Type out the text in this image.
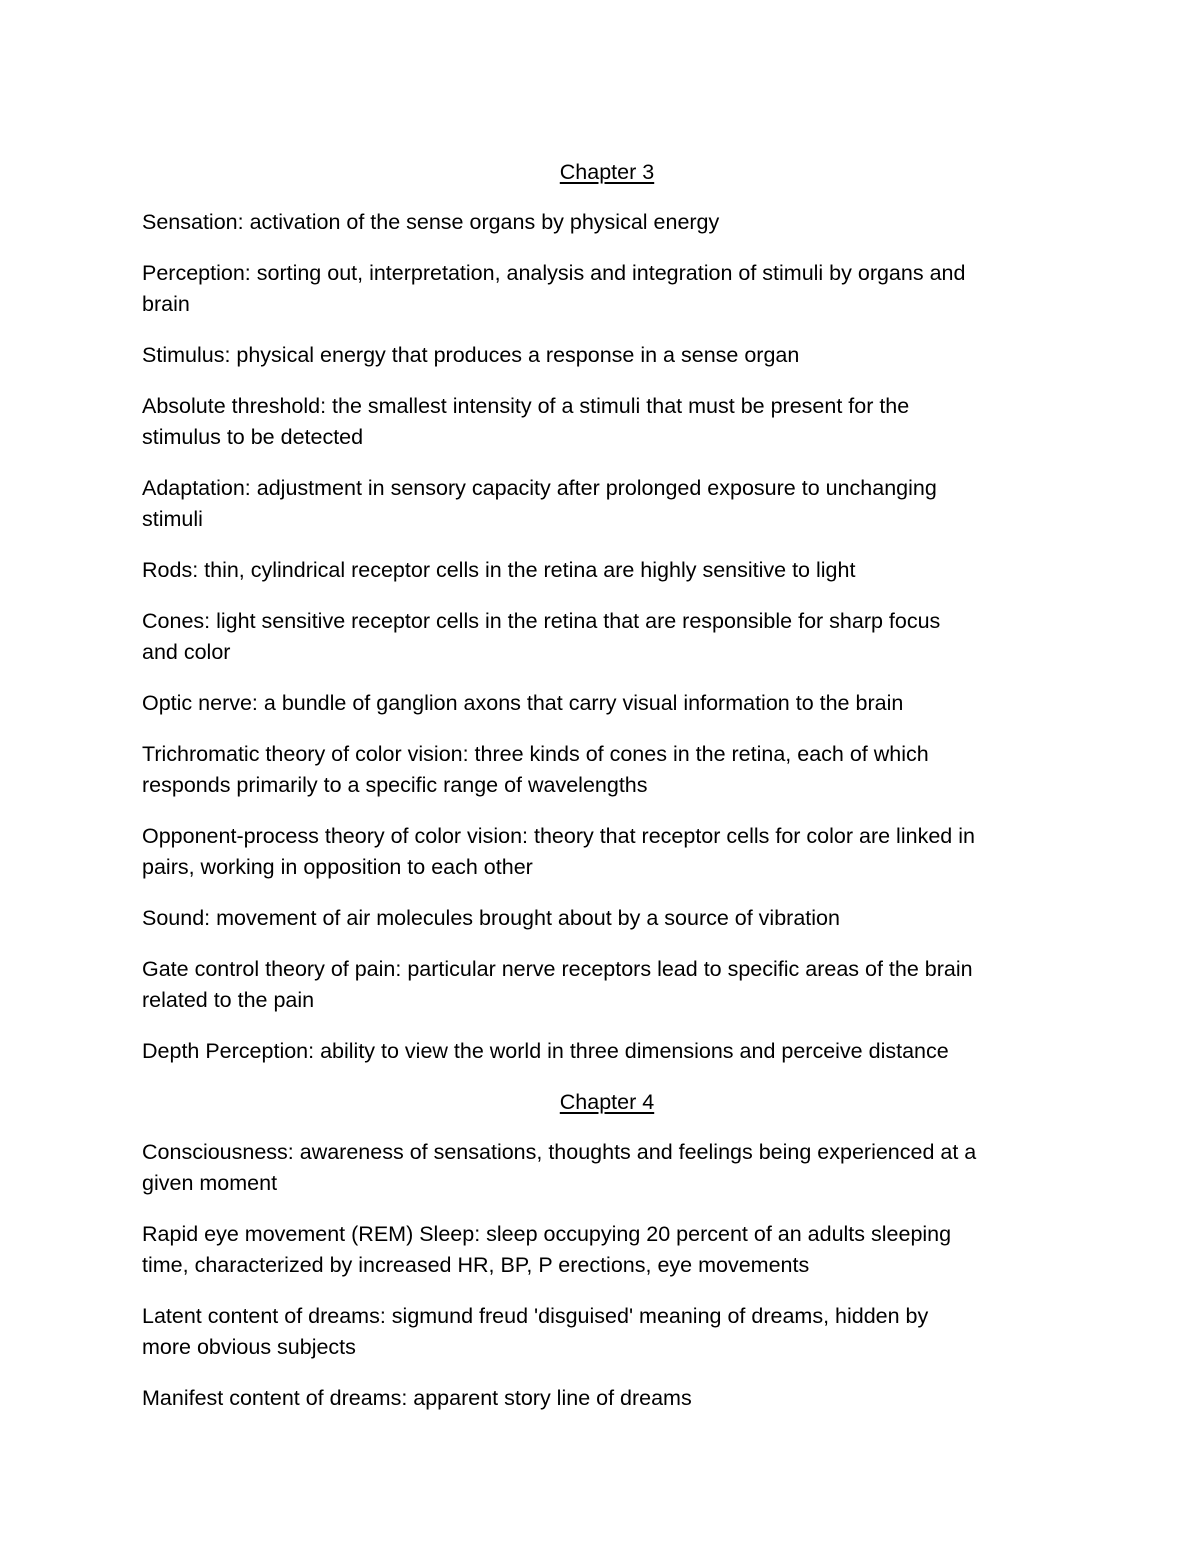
Chapter 3
Sensation: activation of the sense organs by physical energy
Perception: sorting out, interpretation, analysis and integration of stimuli by organs and
brain
Stimulus: physical energy that produces a response in a sense organ
Absolute threshold: the smallest intensity of a stimuli that must be present for the
stimulus to be detected
Adaptation: adjustment in sensory capacity after prolonged exposure to unchanging
stimuli
Rods: thin, cylindrical receptor cells in the retina are highly sensitive to light
Cones: light sensitive receptor cells in the retina that are responsible for sharp focus
and color
Optic nerve: a bundle of ganglion axons that carry visual information to the brain
Trichromatic theory of color vision: three kinds of cones in the retina, each of which
responds primarily to a specific range of wavelengths
Opponent-process theory of color vision: theory that receptor cells for color are linked in
pairs, working in opposition to each other
Sound: movement of air molecules brought about by a source of vibration
Gate control theory of pain: particular nerve receptors lead to specific areas of the brain
related to the pain
Depth Perception: ability to view the world in three dimensions and perceive distance
Chapter 4
Consciousness: awareness of sensations, thoughts and feelings being experienced at a
given moment
Rapid eye movement (REM) Sleep: sleep occupying 20 percent of an adults sleeping
time, characterized by increased HR, BP, P erections, eye movements
Latent content of dreams: sigmund freud 'disguised' meaning of dreams, hidden by
more obvious subjects
Manifest content of dreams: apparent story line of dreams
